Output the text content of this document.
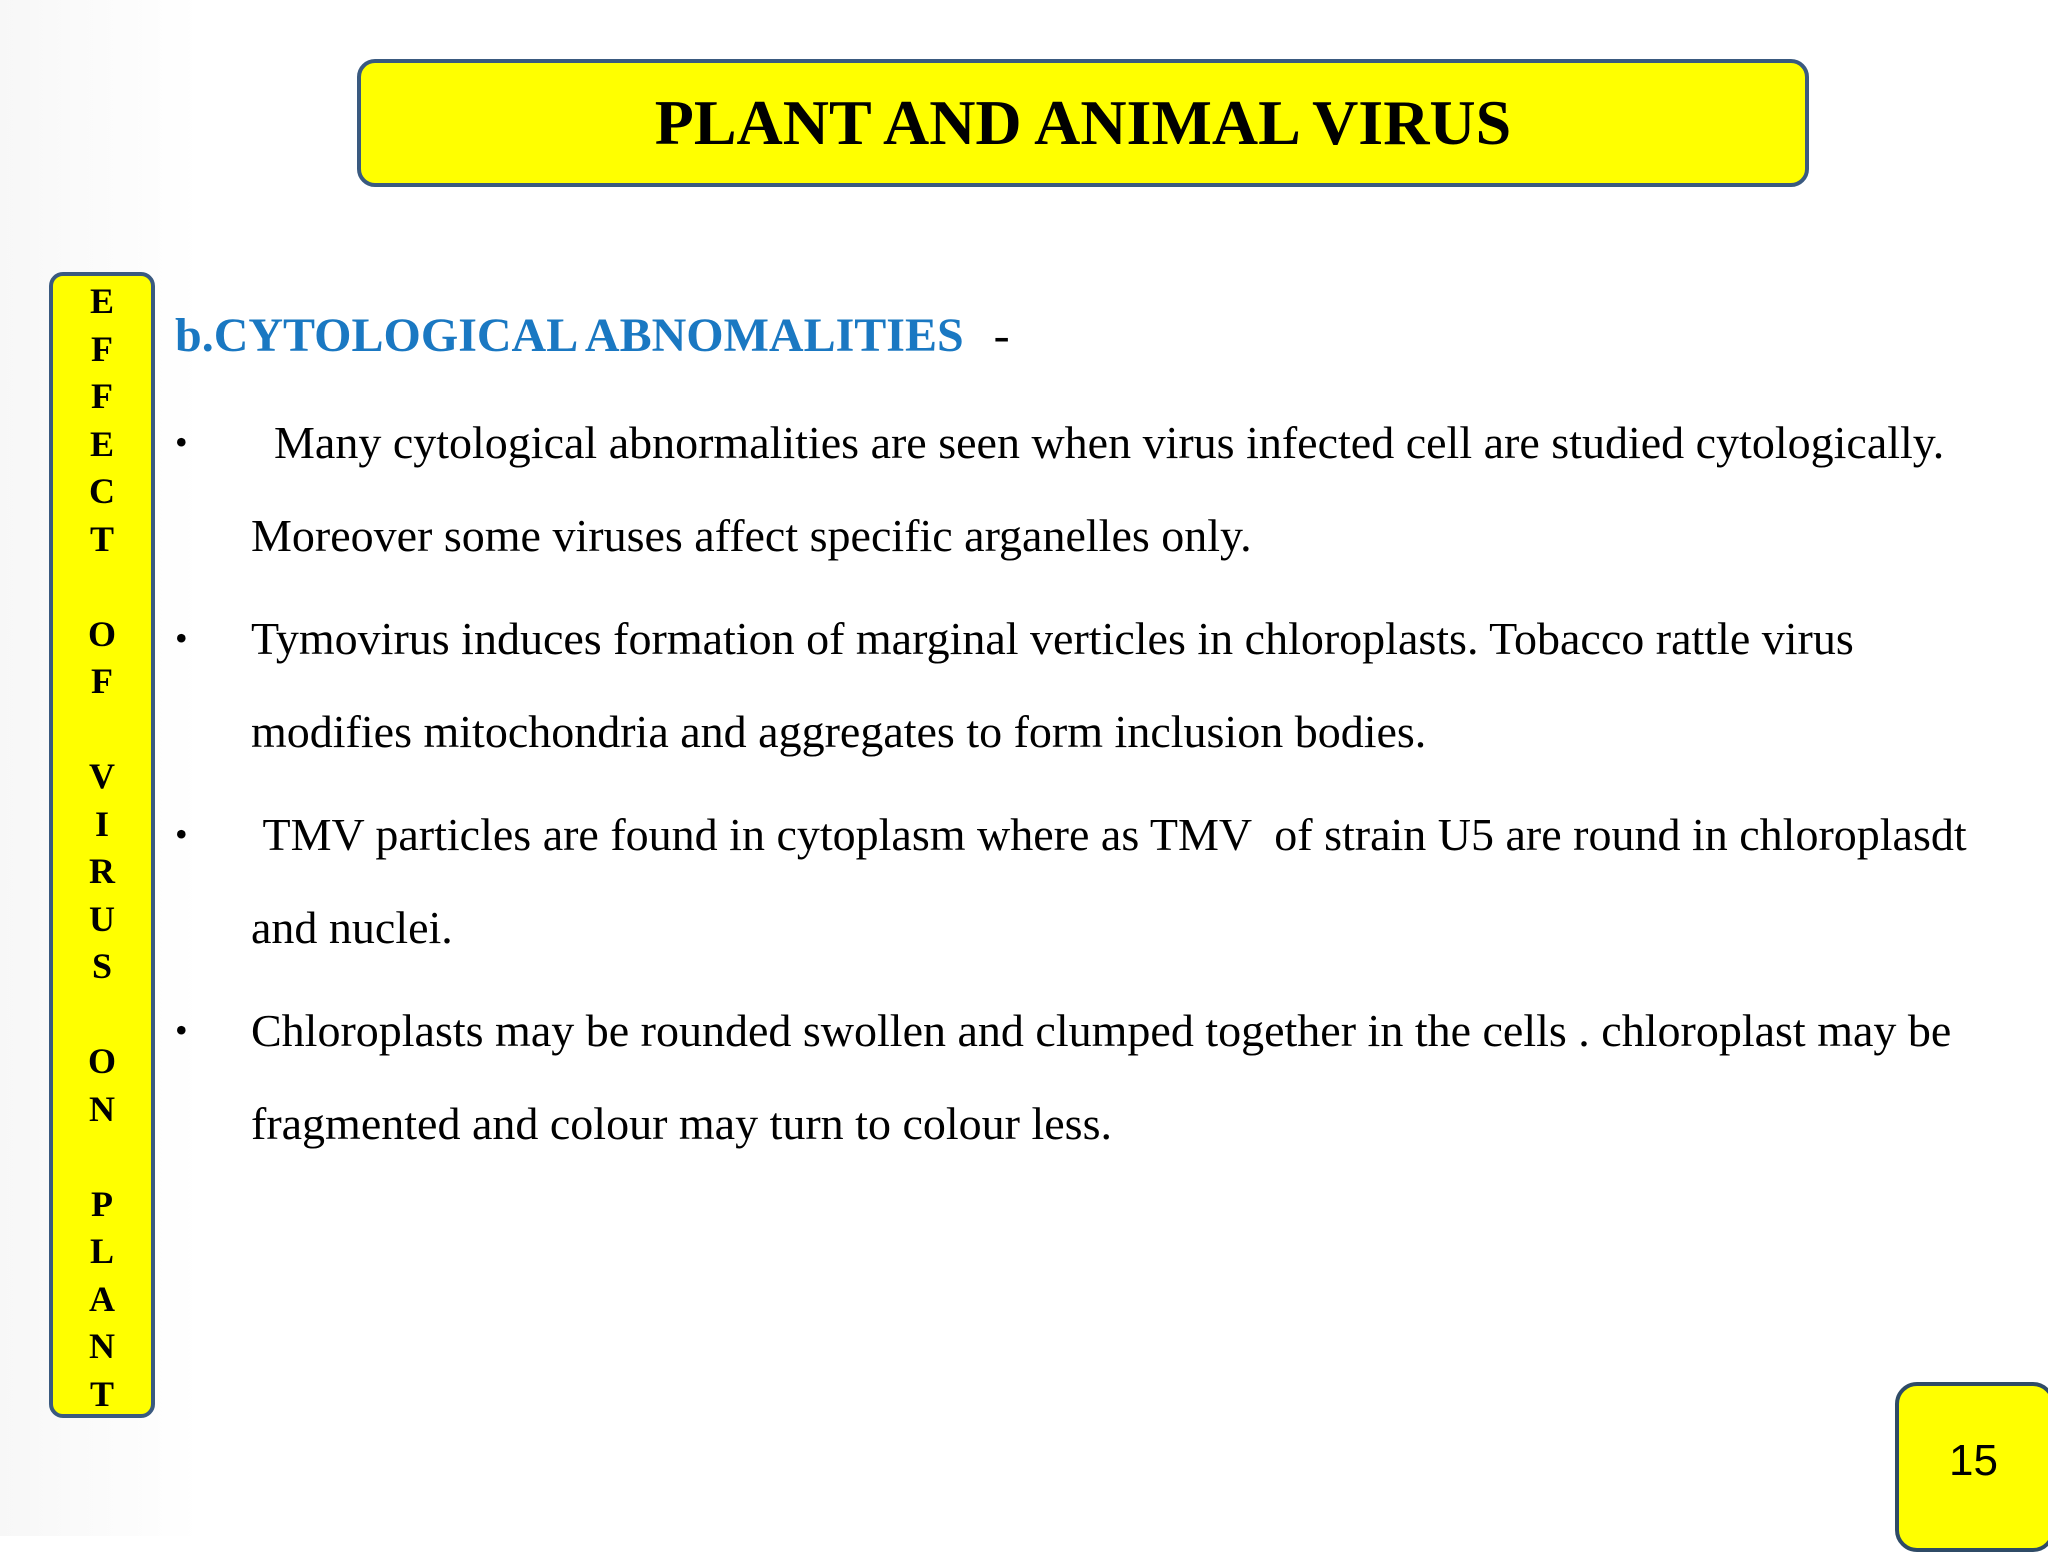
PLANT AND ANIMAL VIRUS
E
F
F
E
C
T
O
F
V
I
R
U
S
O
N
P
L
A
N
T
b.CYTOLOGICAL ABNOMALITIES -
• Many cytological abnormalities are seen when virus infected cell are studied cytologically. Moreover some viruses affect specific arganelles only.
• Tymovirus induces formation of marginal verticles in chloroplasts. Tobacco rattle virus modifies mitochondria and aggregates to form inclusion bodies.
• TMV particles are found in cytoplasm where as TMV  of strain U5 are round in chloroplasdt and nuclei.
• Chloroplasts may be rounded swollen and clumped together in the cells . chloroplast may be fragmented and colour may turn to colour less.
15
